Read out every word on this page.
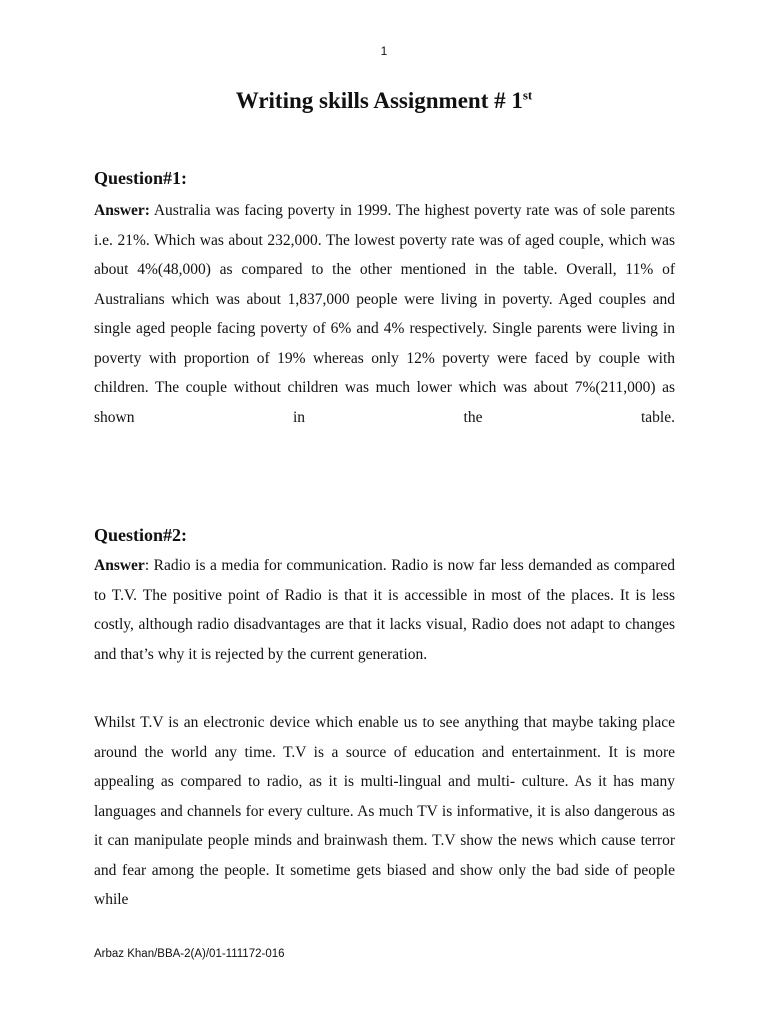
1
Writing skills Assignment # 1st
Question#1:

Answer: Australia was facing poverty in 1999. The highest poverty rate was of sole parents i.e. 21%. Which was about 232,000. The lowest poverty rate was of aged couple, which was about 4%(48,000) as compared to the other mentioned in the table. Overall, 11% of Australians which was about 1,837,000 people were living in poverty. Aged couples and single aged people facing poverty of 6% and 4% respectively. Single parents were living in poverty with proportion of 19% whereas only 12% poverty were faced by couple with children. The couple without children was much lower which was about 7%(211,000) as shown in the table.

Question#2:

Answer: Radio is a media for communication. Radio is now far less demanded as compared to T.V. The positive point of Radio is that it is accessible in most of the places. It is less costly, although radio disadvantages are that it lacks visual, Radio does not adapt to changes and that’s why it is rejected by the current generation.

Whilst T.V is an electronic device which enable us to see anything that maybe taking place around the world any time. T.V is a source of education and entertainment. It is more appealing as compared to radio, as it is multi-lingual and multi- culture. As it has many languages and channels for every culture. As much TV is informative, it is also dangerous as it can manipulate people minds and brainwash them. T.V show the news which cause terror and fear among the people. It sometime gets biased and show only the bad side of people while

Arbaz Khan/BBA-2(A)/01-111172-016
